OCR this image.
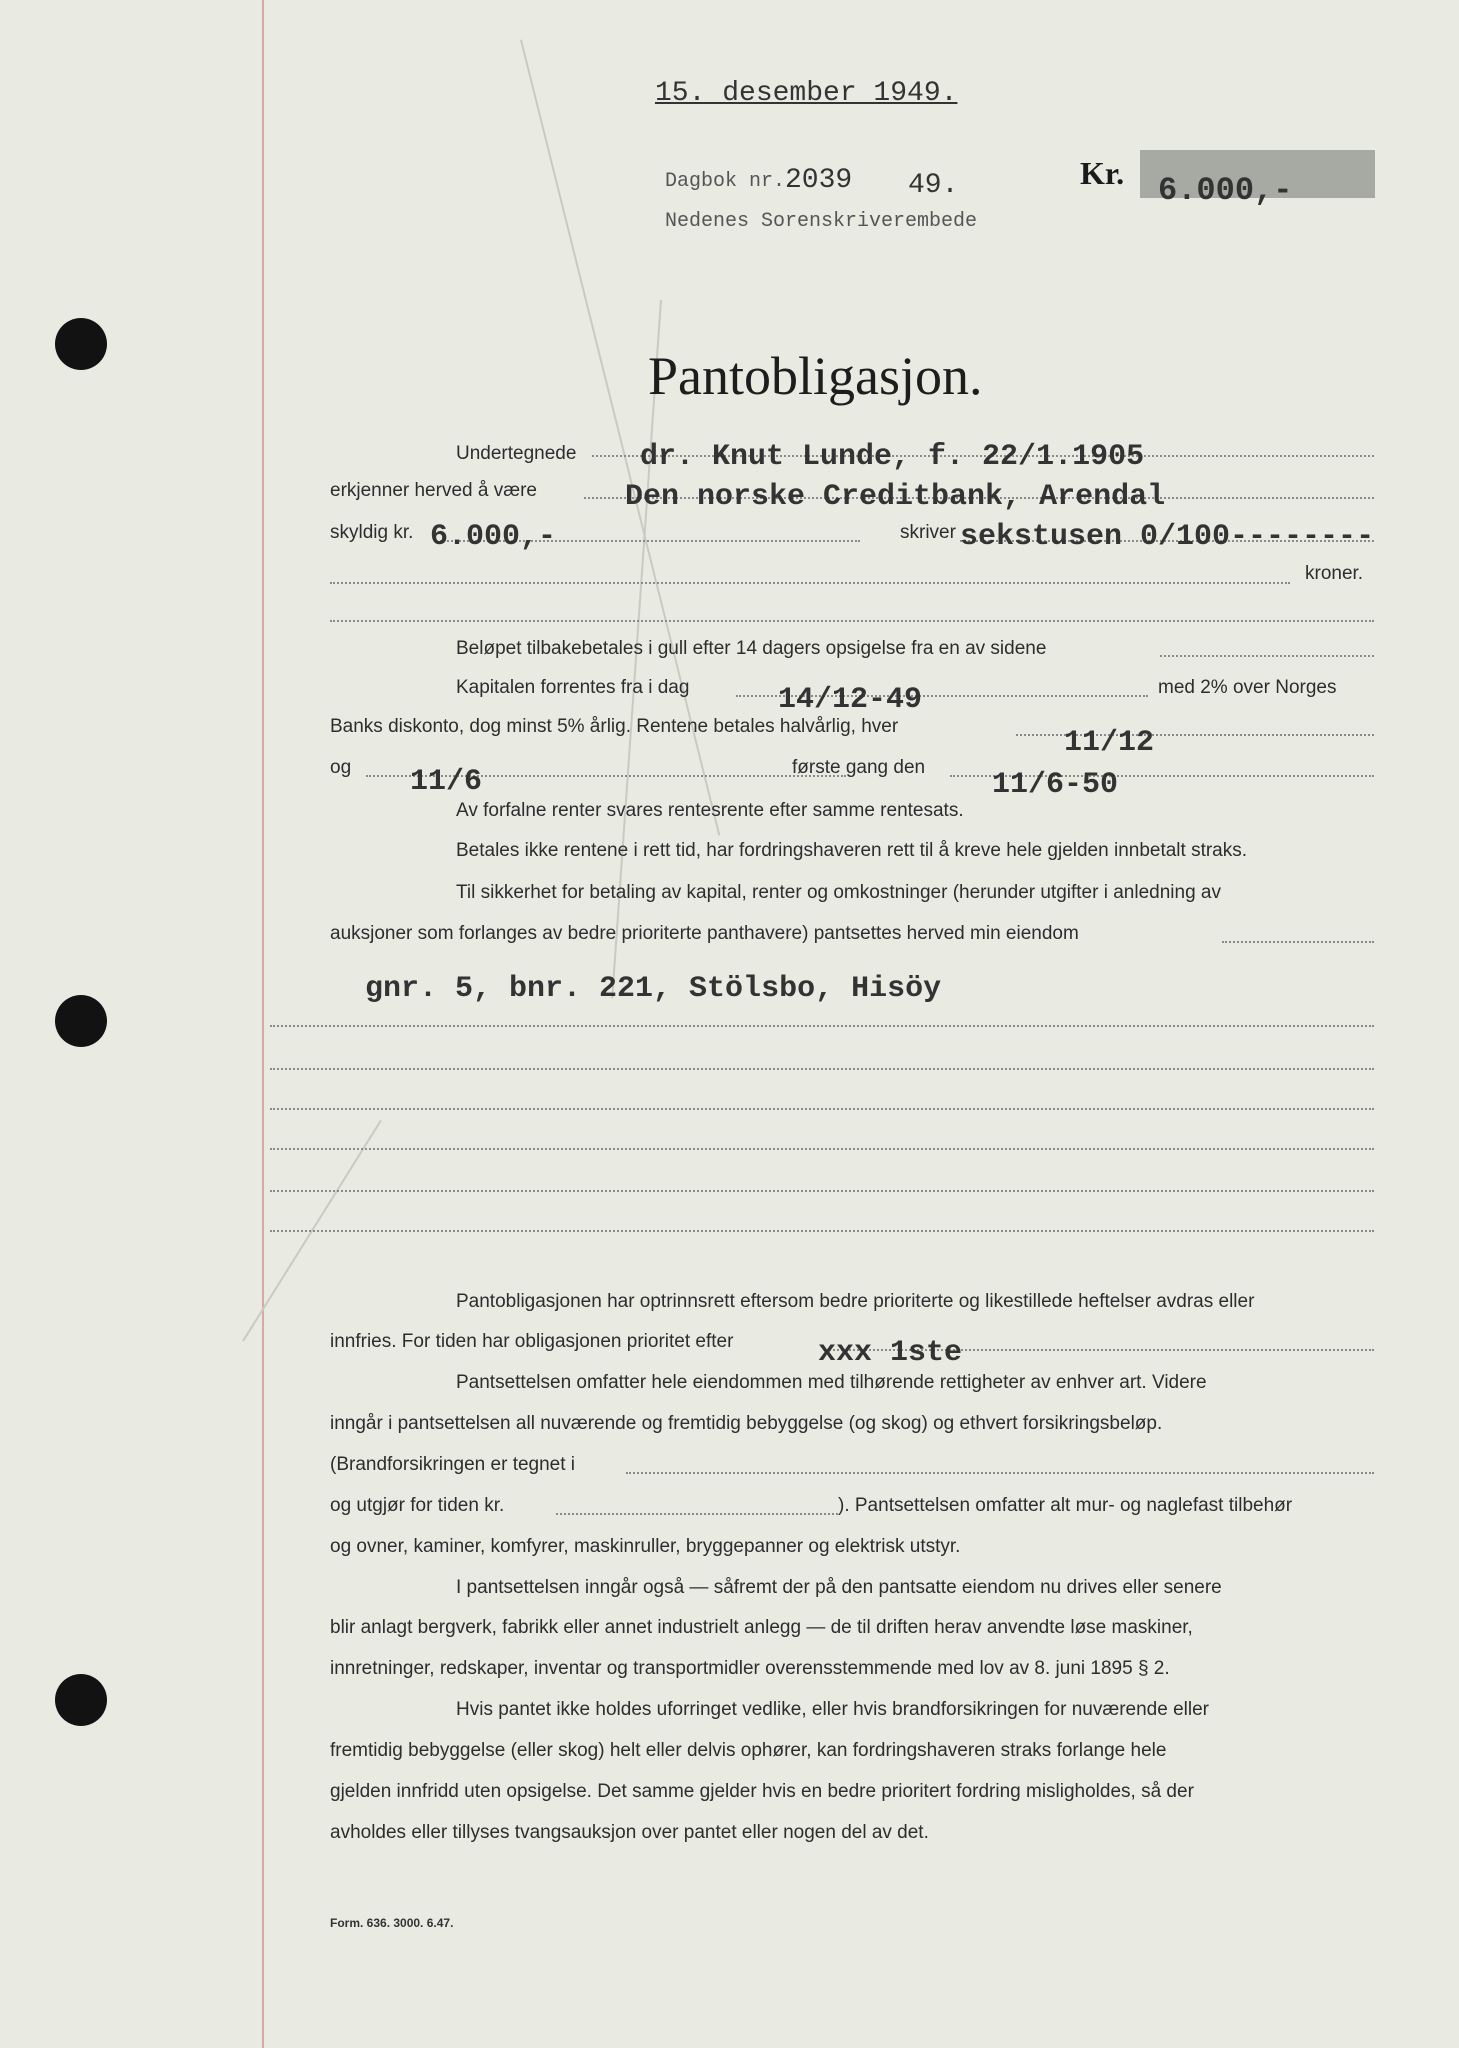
15. desember 1949.
Dagbok nr. 2039 49.
Nedenes Sorenskriverembede
Kr. 6.000,-
Pantobligasjon.
Undertegnede dr. Knut Lunde, f. 22/1.1905
erkjenner herved å være	Den norske Creditbank, Arendal
skyldig kr. 6.000,-	skriver sekstusen 0/100--------
kroner.
Beløpet tilbakebetales i gull efter 14 dagers opsigelse fra en av sidene
Kapitalen forrentes fra i dag	14/12-49	med 2% over Norges
Banks diskonto, dog minst 5% årlig. Rentene betales halvårlig, hver	11/12
og 11/6	første gang den
11/6-50
Av forfalne renter svares rentesrente efter samme rentesats.
Betales ikke rentene i rett tid, har fordringshaveren rett til å kreve hele gjelden innbetalt straks.
Til sikkerhet for betaling av kapital, renter og omkostninger (herunder utgifter i anledning av
auksjoner som forlanges av bedre prioriterte panthavere) pantsettes herved min eiendom
gnr. 5, bnr. 221, Stölsbo, Hisöy
Pantobligasjonen har optrinnsrett eftersom bedre prioriterte og likestillede heftelser avdras eller
innfries. For tiden har obligasjonen prioritet efter	xxx 1ste
Pantsettelsen omfatter hele eiendommen med tilhørende rettigheter av enhver art. Videre
inngår i pantsettelsen all nuværende og fremtidig bebyggelse (og skog) og ethvert forsikringsbeløp.
(Brandforsikringen er tegnet i
og utgjør for tiden kr.	). Pantsettelsen omfatter alt mur- og naglefast tilbehør
og ovner, kaminer, komfyrer, maskinruller, bryggepanner og elektrisk utstyr.
I pantsettelsen inngår også — såfremt der på den pantsatte eiendom nu drives eller senere
blir anlagt bergverk, fabrikk eller annet industrielt anlegg — de til driften herav anvendte løse maskiner,
innretninger, redskaper, inventar og transportmidler overensstemmende med lov av 8. juni 1895 § 2.
Hvis pantet ikke holdes uforringet vedlike, eller hvis brandforsikringen for nuværende eller
fremtidig bebyggelse (eller skog) helt eller delvis ophører, kan fordringshaveren straks forlange hele
gjelden innfridd uten opsigelse. Det samme gjelder hvis en bedre prioritert fordring misligholdes, så der
avholdes eller tillyses tvangsauksjon over pantet eller nogen del av det.
Form. 636. 3000. 6.47.
